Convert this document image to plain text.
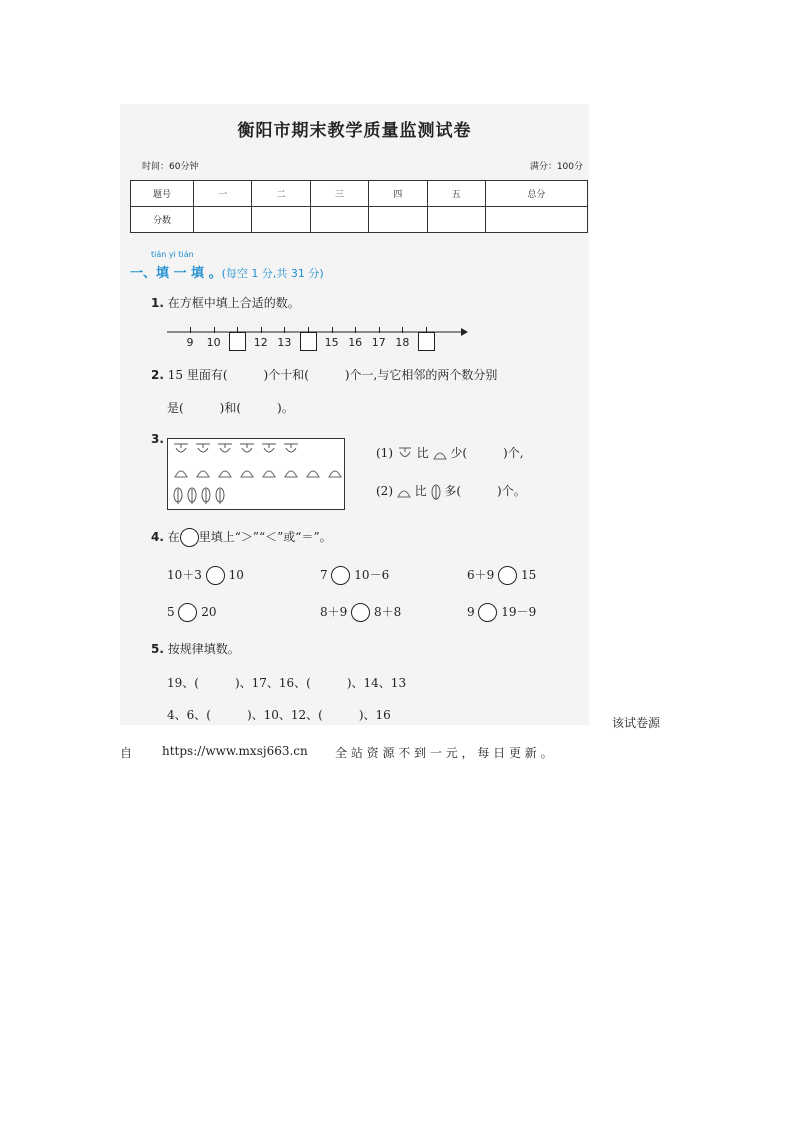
衡阳市期末教学质量监测试卷
时间：60分钟	满分：100分
题号	一	二	三	四	五	总分
分数						
tián yi tián
一、填 一 填 。(每空 1 分,共 31 分)
1. 在方框中填上合适的数。
2. 15 里面有(　　　)个十和(　　　)个一,与它相邻的两个数分别
是(　　　)和(　　　)。
3.
(1) 比 少(　　　)个,
(2) 比 多(　　　)个。
4. 在 里填上“＞”“＜”或“＝”。
10＋3 10	7 10－6	6＋9 15
5 20	8＋9 8＋8	9 19－9
5. 按规律填数。
19、(　　　)、17、16、(　　　)、14、13
4、6、(　　　)、10、12、(　　　)、16
9	10	12 13	15 16 17 18
该试卷源
自 https://www.mxsj663.cn 全 站 资 源 不 到 一 元 ， 每 日 更 新 。
